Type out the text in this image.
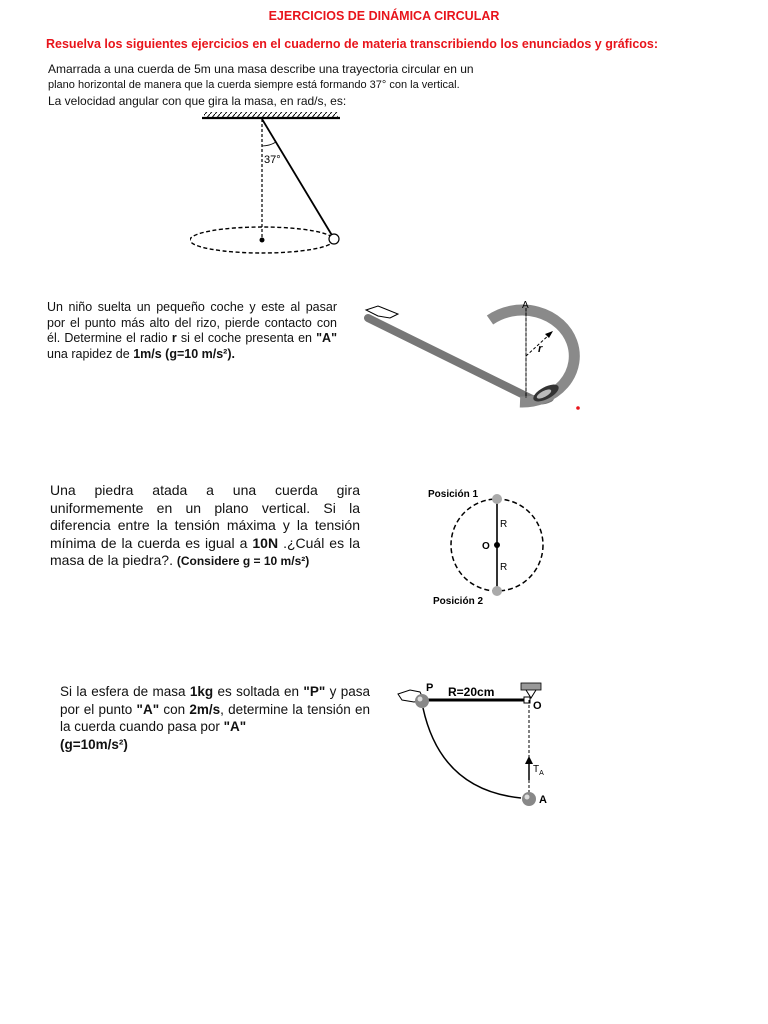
EJERCICIOS DE DINÁMICA CIRCULAR
Resuelva los siguientes ejercicios en el cuaderno de materia transcribiendo los enunciados y gráficos:
Amarrada a una cuerda de 5m una masa describe una trayectoria circular en un
plano horizontal de manera que la cuerda siempre está formando 37° con la vertical.
La velocidad angular con que gira la masa, en rad/s, es:
37°
Un niño suelta un pequeño coche y este al pasar por el punto más alto del rizo, pierde contacto con él. Determine el radio r si el coche presenta en "A" una rapidez de 1m/s (g=10 m/s²).	r
A
Una piedra atada a una cuerda gira uniformemente en un plano vertical. Si la diferencia entre la tensión máxima y la tensión mínima de la cuerda es igual a 10N .¿Cuál es la masa de la piedra?. (Considere g = 10 m/s²)
Posición 1
Posición 2
O
R
R
Si la esfera de masa 1kg es soltada en "P" y pasa por el punto "A" con 2m/s, determine la tensión en la cuerda cuando pasa por "A"
(g=10m/s²)
$T_A$
P R=20cm
O
A
